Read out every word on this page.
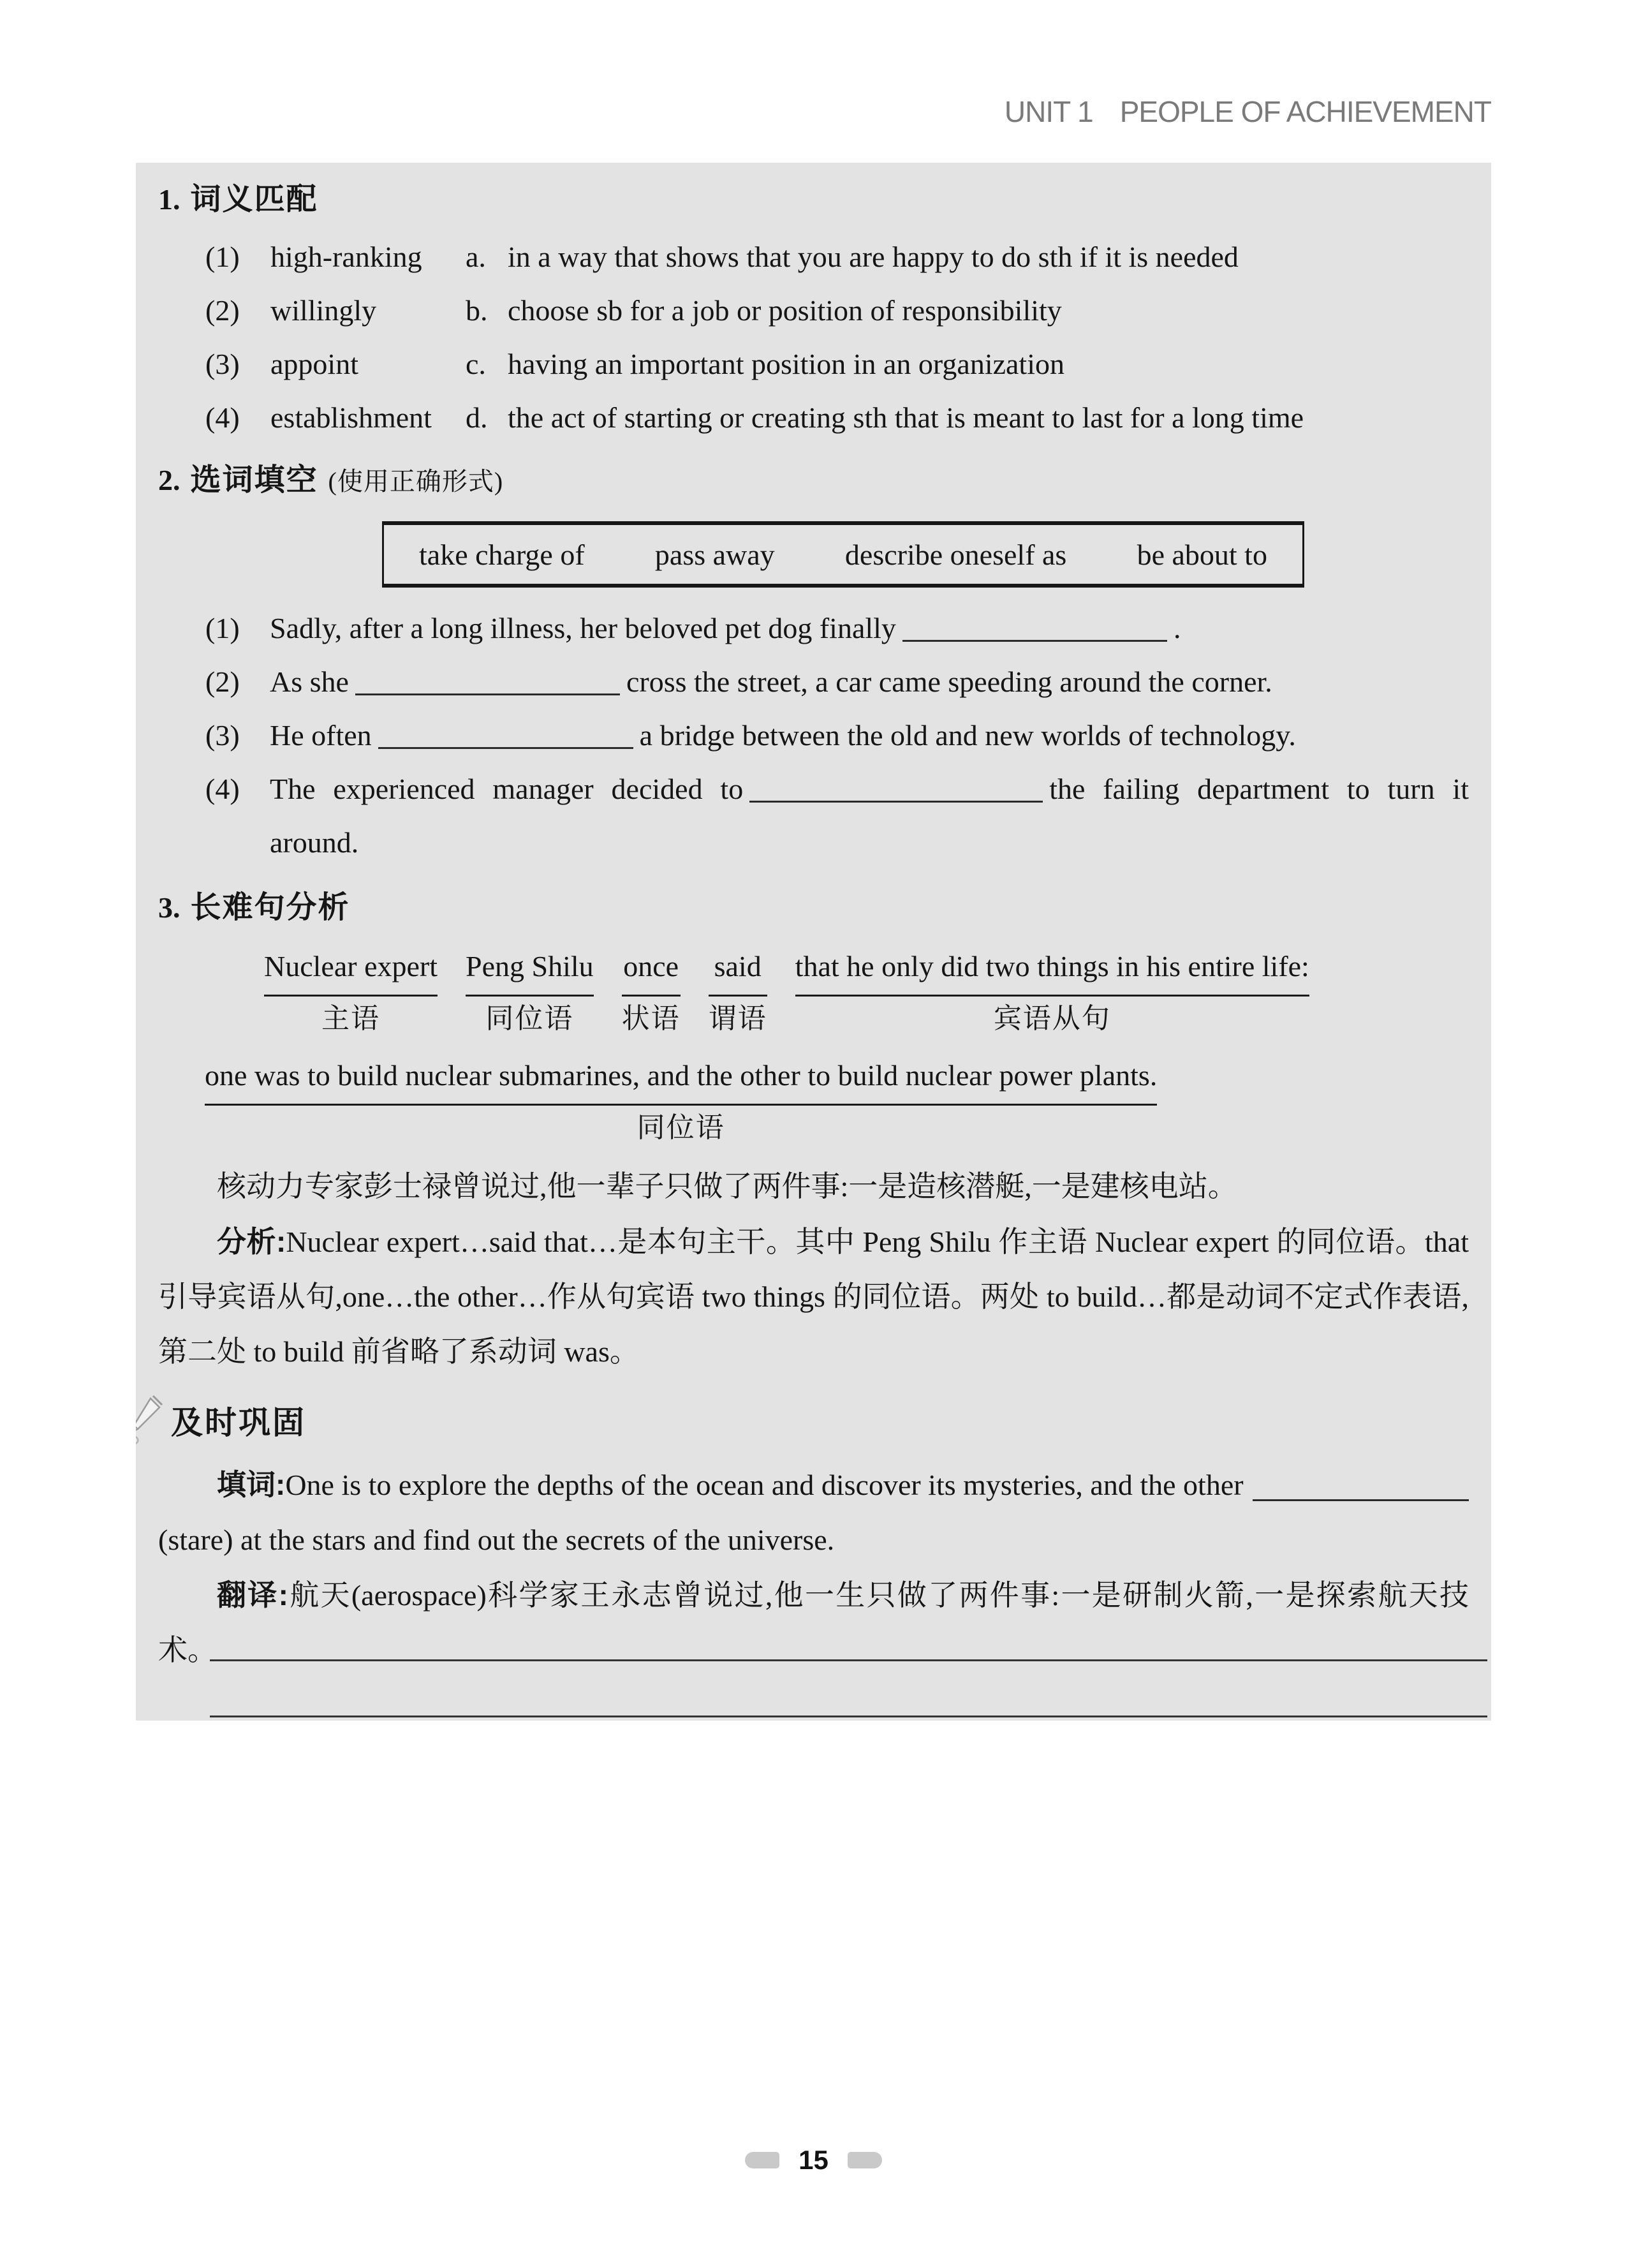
UNIT 1 PEOPLE OF ACHIEVEMENT
1. 词义匹配
(1)	high-ranking	a. in a way that shows that you are happy to do sth if it is needed
(2)	willingly	b. choose sb for a job or position of responsibility
(3)	appoint	c. having an important position in an organization
(4)	establishment	d. the act of starting or creating sth that is meant to last for a long time
2. 选词填空 (使用正确形式)
take charge of pass away describe oneself as be about to

(1) Sadly, after a long illness, her beloved pet dog finally	.

(2) As she	cross the street, a car came speeding around the corner.

(3) He often	a bridge between the old and new worlds of technology.

(4) The experienced manager decided to	the failing department to turn it around.

3. 长难句分析
Nuclear expert
主语
Peng Shilu
同位语
once
状语
said
谓语
that he only did two things in his entire life:
宾语从句
one was to build nuclear submarines, and the other to build nuclear power plants.
同位语

核动力专家彭士禄曾说过,他一辈子只做了两件事:一是造核潜艇,一是建核电站。

分析:Nuclear expert…said that…是本句主干。其中 Peng Shilu 作主语 Nuclear expert 的同位语。that 引导宾语从句,one…the other…作从句宾语 two things 的同位语。两处 to build…都是动词不定式作表语,第二处 to build 前省略了系动词 was。

及时巩固

填词: One is to explore the depths of the ocean and discover its mysteries, and the other

(stare) at the stars and find out the secrets of the universe.

翻译:航天(aerospace)科学家王永志曾说过,他一生只做了两件事:一是研制火箭,一是探索航天技术。

15
